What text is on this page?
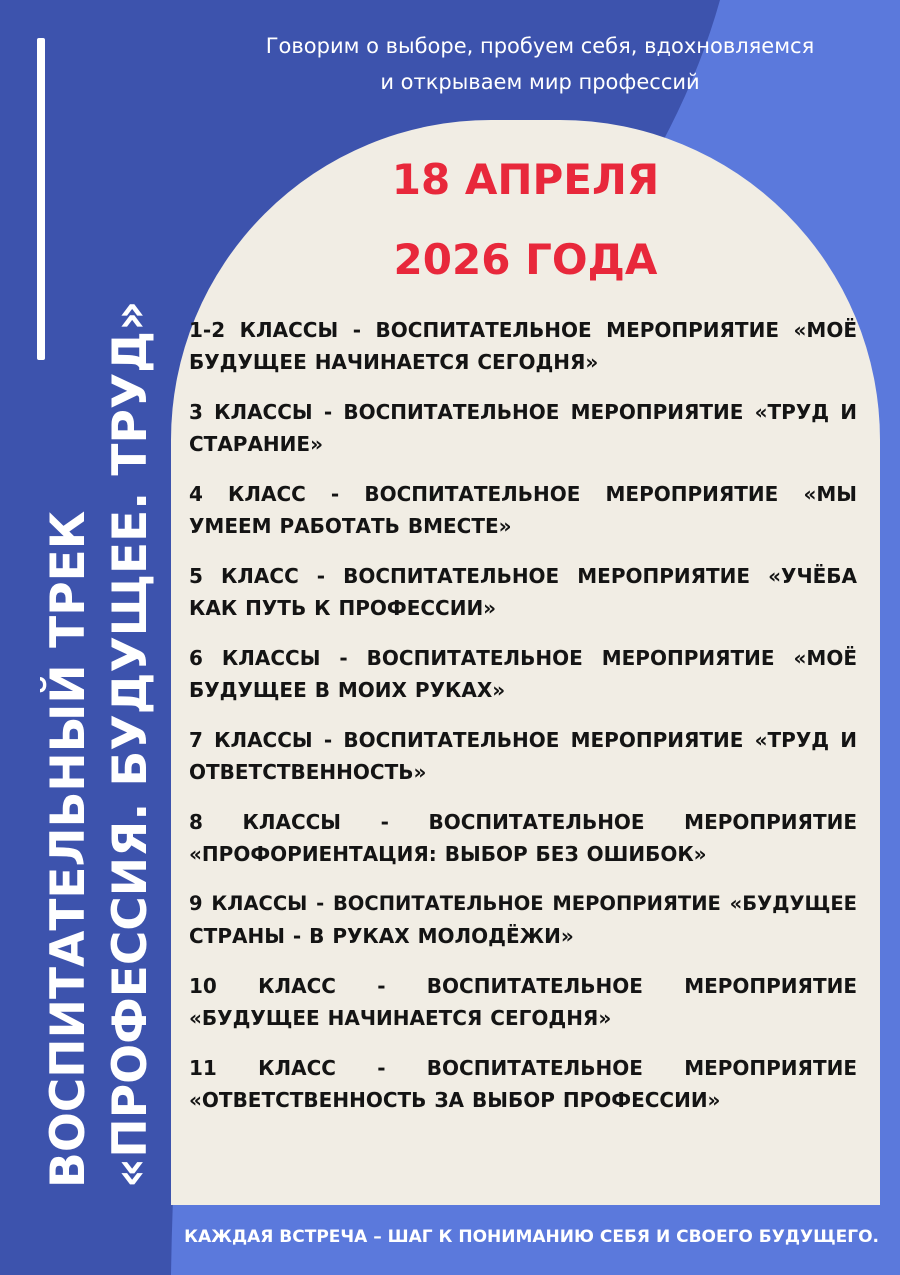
ВОСПИТАТЕЛЬНЫЙ ТРЕК «ПРОФЕССИЯ. БУДУЩЕЕ. ТРУД»
Говорим о выборе, пробуем себя, вдохновляемся
и открываем мир профессий
18 АПРЕЛЯ
2026 ГОДА
1-2 КЛАССЫ - ВОСПИТАТЕЛЬНОЕ МЕРОПРИЯТИЕ «МОЁ
БУДУЩЕЕ НАЧИНАЕТСЯ СЕГОДНЯ»
3 КЛАССЫ - ВОСПИТАТЕЛЬНОЕ МЕРОПРИЯТИЕ «ТРУД И
СТАРАНИЕ»
4 КЛАСС - ВОСПИТАТЕЛЬНОЕ МЕРОПРИЯТИЕ «МЫ
УМЕЕМ РАБОТАТЬ ВМЕСТЕ»
5 КЛАСС - ВОСПИТАТЕЛЬНОЕ МЕРОПРИЯТИЕ «УЧЁБА
КАК ПУТЬ К ПРОФЕССИИ»
6 КЛАССЫ - ВОСПИТАТЕЛЬНОЕ МЕРОПРИЯТИЕ «МОЁ
БУДУЩЕЕ В МОИХ РУКАХ»
7 КЛАССЫ - ВОСПИТАТЕЛЬНОЕ МЕРОПРИЯТИЕ «ТРУД И
ОТВЕТСТВЕННОСТЬ»
8 КЛАССЫ - ВОСПИТАТЕЛЬНОЕ МЕРОПРИЯТИЕ
«ПРОФОРИЕНТАЦИЯ: ВЫБОР БЕЗ ОШИБОК»
9 КЛАССЫ - ВОСПИТАТЕЛЬНОЕ МЕРОПРИЯТИЕ «БУДУЩЕЕ
СТРАНЫ - В РУКАХ МОЛОДЁЖИ»
10 КЛАСС - ВОСПИТАТЕЛЬНОЕ МЕРОПРИЯТИЕ
«БУДУЩЕЕ НАЧИНАЕТСЯ СЕГОДНЯ»
11 КЛАСС - ВОСПИТАТЕЛЬНОЕ МЕРОПРИЯТИЕ
«ОТВЕТСТВЕННОСТЬ ЗА ВЫБОР ПРОФЕССИИ»
КАЖДАЯ ВСТРЕЧА – ШАГ К ПОНИМАНИЮ СЕБЯ И СВОЕГО БУДУЩЕГО.
